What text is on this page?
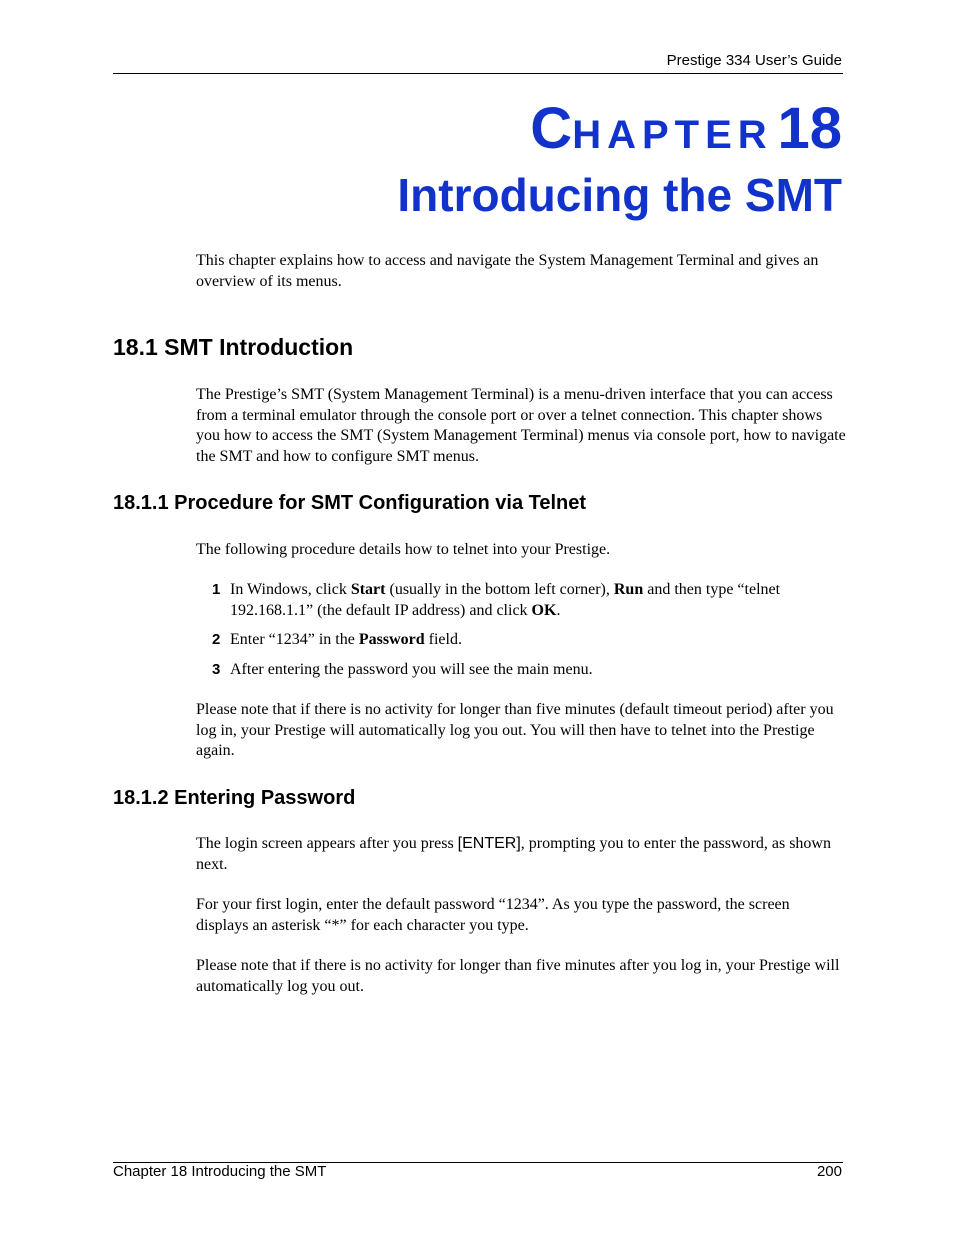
Prestige 334 User’s Guide
CHAPTER 18
Introducing the SMT
This chapter explains how to access and navigate the System Management Terminal and gives an overview of its menus.
18.1 SMT Introduction
The Prestige’s SMT (System Management Terminal) is a menu-driven interface that you can access from a terminal emulator through the console port or over a telnet connection. This chapter shows you how to access the SMT (System Management Terminal) menus via console port, how to navigate the SMT and how to configure SMT menus.
18.1.1 Procedure for SMT Configuration via Telnet
The following procedure details how to telnet into your Prestige.
1 In Windows, click Start (usually in the bottom left corner), Run and then type “telnet 192.168.1.1” (the default IP address) and click OK.
2 Enter “1234” in the Password field.
3 After entering the password you will see the main menu.
Please note that if there is no activity for longer than five minutes (default timeout period) after you log in, your Prestige will automatically log you out. You will then have to telnet into the Prestige again.
18.1.2 Entering Password
The login screen appears after you press [ENTER], prompting you to enter the password, as shown next.
For your first login, enter the default password “1234”. As you type the password, the screen displays an asterisk “*” for each character you type.
Please note that if there is no activity for longer than five minutes after you log in, your Prestige will automatically log you out.
Chapter 18 Introducing the SMT	200
